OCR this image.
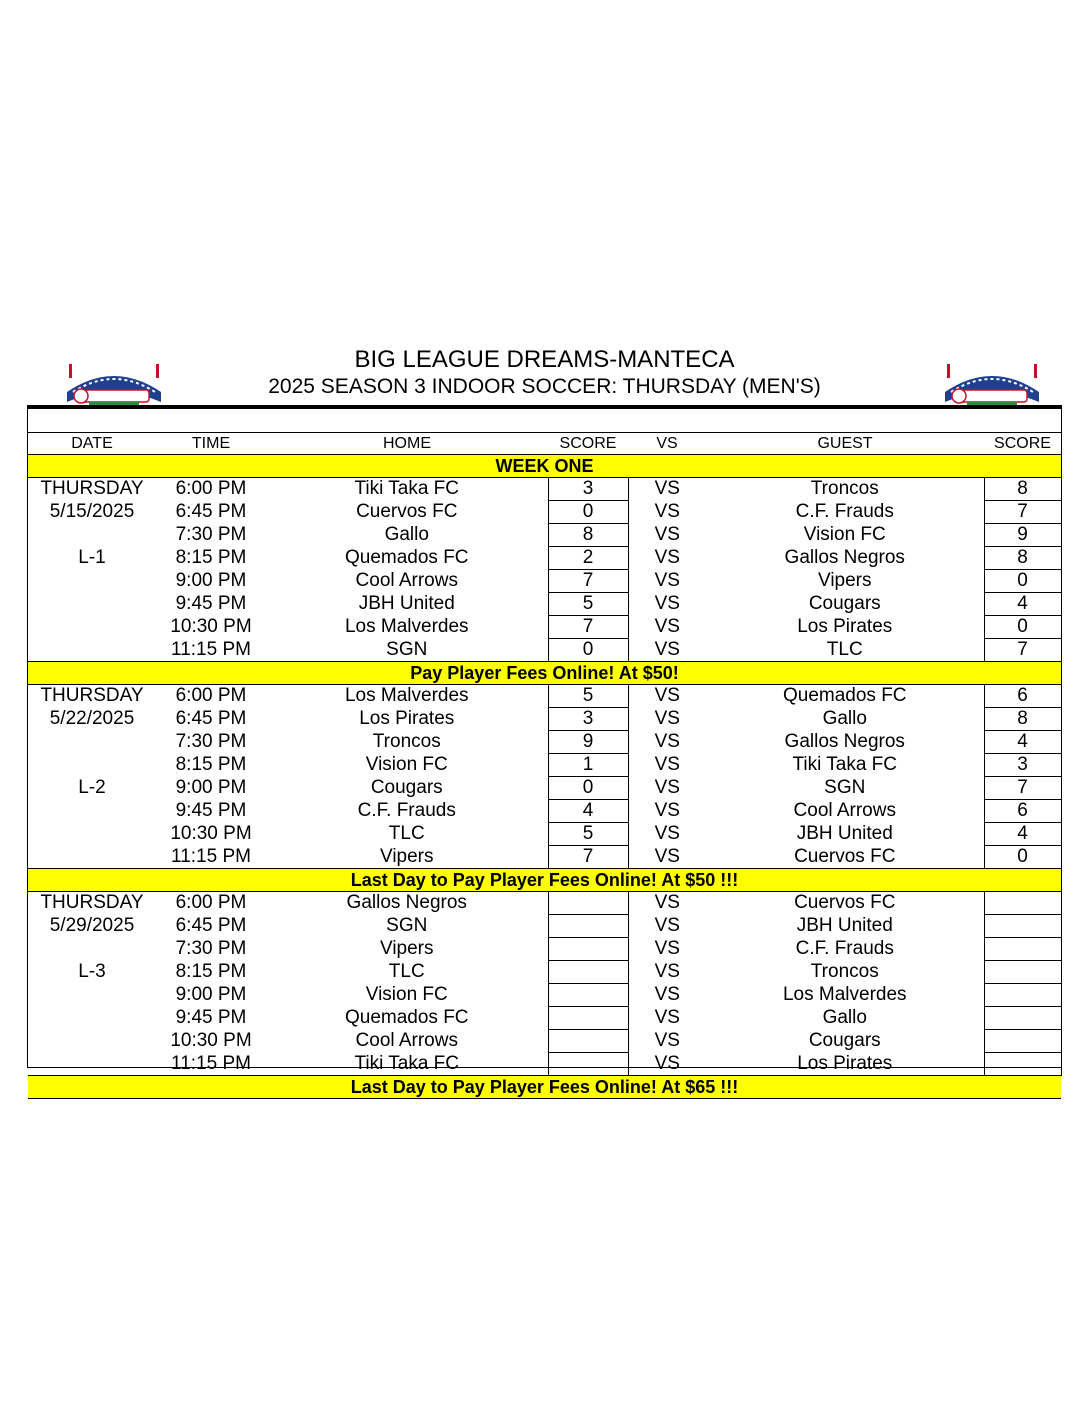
BIG LEAGUE DREAMS-MANTECA
2025 SEASON 3 INDOOR SOCCER: THURSDAY (MEN'S)
DATE	TIME	HOME	SCORE	VS	GUEST	SCORE
WEEK ONE						
THURSDAY	6:00 PM	Tiki Taka FC	3	VS	Troncos	8
5/15/2025	6:45 PM	Cuervos FC	0	VS	C.F. Frauds	7
	7:30 PM	Gallo	8	VS	Vision FC	9
L-1	8:15 PM	Quemados FC	2	VS	Gallos Negros	8
	9:00 PM	Cool Arrows	7	VS	Vipers	0
	9:45 PM	JBH United	5	VS	Cougars	4
	10:30 PM	Los Malverdes	7	VS	Los Pirates	0
	11:15 PM	SGN	0	VS	TLC	7
Pay Player Fees Online! At $50!						
THURSDAY	6:00 PM	Los Malverdes	5	VS	Quemados FC	6
5/22/2025	6:45 PM	Los Pirates	3	VS	Gallo	8
	7:30 PM	Troncos	9	VS	Gallos Negros	4
	8:15 PM	Vision FC	1	VS	Tiki Taka FC	3
L-2	9:00 PM	Cougars	0	VS	SGN	7
	9:45 PM	C.F. Frauds	4	VS	Cool Arrows	6
	10:30 PM	TLC	5	VS	JBH United	4
	11:15 PM	Vipers	7	VS	Cuervos FC	0
Last Day to Pay Player Fees Online! At $50 !!!						
THURSDAY	6:00 PM	Gallos Negros		VS	Cuervos FC	
5/29/2025	6:45 PM	SGN		VS	JBH United	
	7:30 PM	Vipers		VS	C.F. Frauds	
L-3	8:15 PM	TLC		VS	Troncos	
	9:00 PM	Vision FC		VS	Los Malverdes	
	9:45 PM	Quemados FC		VS	Gallo	
	10:30 PM	Cool Arrows		VS	Cougars	
	11:15 PM	Tiki Taka FC		VS	Los Pirates	
Last Day to Pay Player Fees Online! At $65 !!!						
